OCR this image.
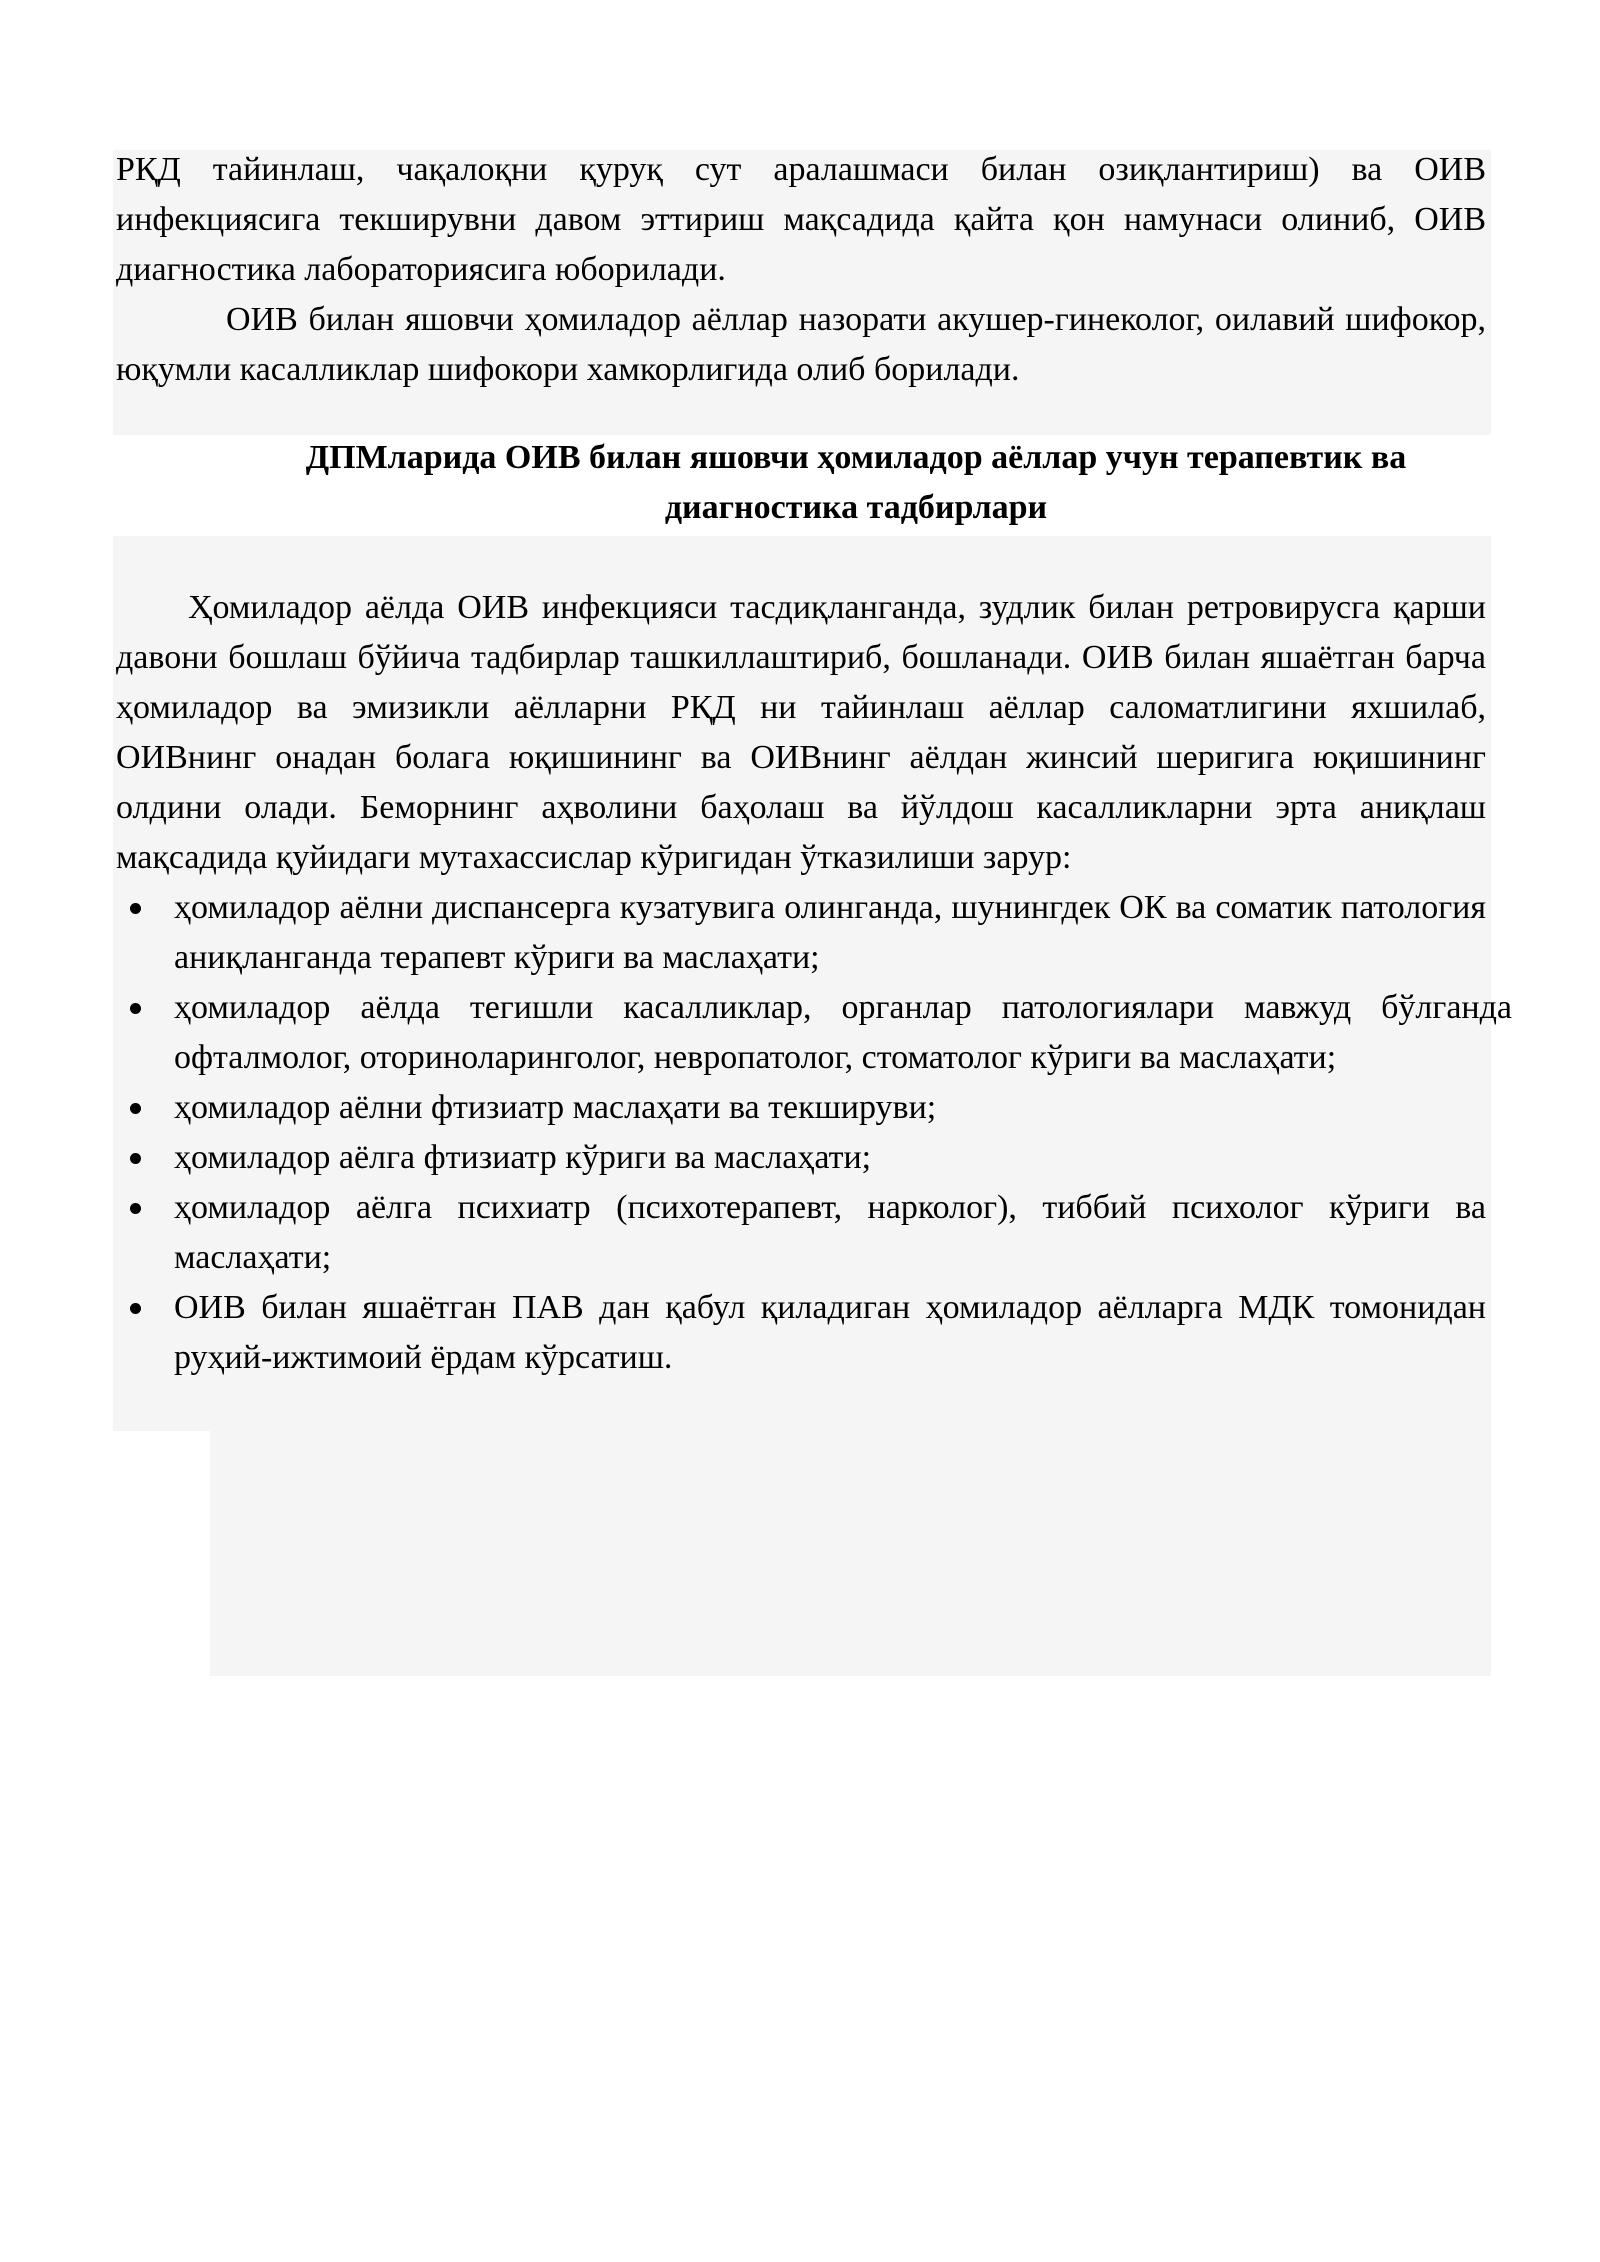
РҚД тайинлаш, чақалоқни қуруқ сут аралашмаси билан озиқлантириш) ва ОИВ инфекциясига текширувни давом эттириш мақсадида қайта қон намунаси олиниб, ОИВ диагностика лабораториясига юборилади.

ОИВ билан яшовчи ҳомиладор аёллар назорати акушер-гинеколог, оилавий шифокор, юқумли касалликлар шифокори хамкорлигида олиб борилади.

ДПМларида ОИВ билан яшовчи ҳомиладор аёллар учун терапевтик ва диагностика тадбирлари

Ҳомиладор аёлда ОИВ инфекцияси тасдиқланганда, зудлик билан ретровирусга қарши давони бошлаш бўйича тадбирлар ташкиллаштириб, бошланади. ОИВ билан яшаётган барча ҳомиладор ва эмизикли аёлларни РҚД ни тайинлаш аёллар саломатлигини яхшилаб, ОИВнинг онадан болага юқишининг ва ОИВнинг аёлдан жинсий шеригига юқишининг олдини олади. Беморнинг аҳволини баҳолаш ва йўлдош касалликларни эрта аниқлаш мақсадида қуйидаги мутахассислар кўригидан ўтказилиши зарур:

ҳомиладор аёлни диспансерга кузатувига олинганда, шунингдек ОК ва соматик патология аниқланганда терапевт кўриги ва маслаҳати;
ҳомиладор аёлда тегишли касалликлар, органлар патологиялари мавжуд бўлганда офталмолог, оториноларинголог, невропатолог, стоматолог кўриги ва маслаҳати;
ҳомиладор аёлни фтизиатр маслаҳати ва текшируви;
ҳомиладор аёлга фтизиатр кўриги ва маслаҳати;
ҳомиладор аёлга психиатр (психотерапевт, нарколог), тиббий психолог кўриги ва маслаҳати;
ОИВ билан яшаётган ПАВ дан қабул қиладиган ҳомиладор аёлларга МДК томонидан руҳий-ижтимоий ёрдам кўрсатиш.
